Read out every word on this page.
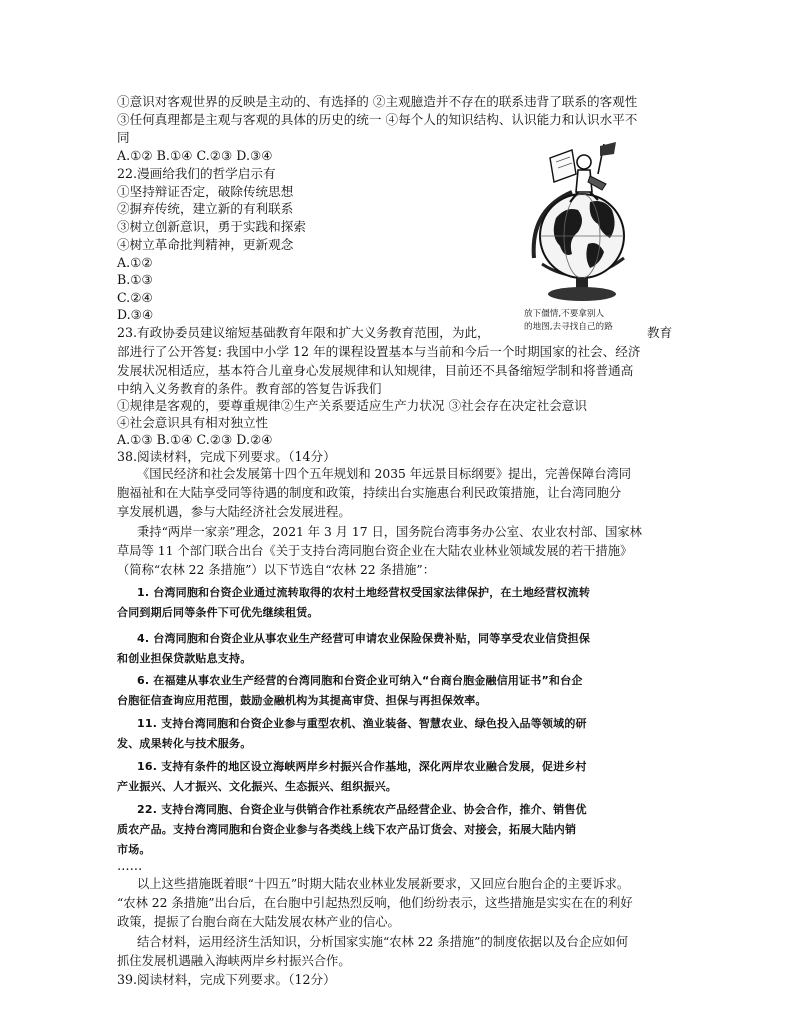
①意识对客观世界的反映是主动的、有选择的 ②主观臆造并不存在的联系违背了联系的客观性
③任何真理都是主观与客观的具体的历史的统一 ④每个人的知识结构、认识能力和认识水平不
同
A.①② B.①④ C.②③ D.③④
22.漫画给我们的哲学启示有
①坚持辩证否定，破除传统思想
②摒弃传统，建立新的有利联系
③树立创新意识，勇于实践和探索
④树立革命批判精神，更新观念
A.①②
B.①③
C.②④
D.③④	放下僵情,不要拿别人
的地图,去寻找自己的路
23.有政协委员建议缩短基础教育年限和扩大义务教育范围，为此，	教育
部进行了公开答复: 我国中小学 12 年的课程设置基本与当前和今后一个时期国家的社会、经济
发展状况相适应，基本符合儿童身心发展规律和认知规律，目前还不具备缩短学制和将普通高
中纳入义务教育的条件。教育部的答复告诉我们
①规律是客观的，要尊重规律②生产关系要适应生产力状况 ③社会存在决定社会意识
④社会意识具有相对独立性
A.①③ B.①④ C.②③ D.②④
38.阅读材料，完成下列要求。（14分）
《国民经济和社会发展第十四个五年规划和 2035 年远景目标纲要》提出，完善保障台湾同
胞福祉和在大陆享受同等待遇的制度和政策，持续出台实施惠台利民政策措施，让台湾同胞分
享发展机遇，参与大陆经济社会发展进程。
秉持“两岸一家亲”理念，2021 年 3 月 17 日，国务院台湾事务办公室、农业农村部、国家林
草局等 11 个部门联合出台《关于支持台湾同胞台资企业在大陆农业林业领域发展的若干措施》
（简称“农林 22 条措施”）以下节选自“农林 22 条措施”：
1. 台湾同胞和台资企业通过流转取得的农村土地经营权受国家法律保护，在土地经营权流转
合同到期后同等条件下可优先继续租赁。
4. 台湾同胞和台资企业从事农业生产经营可申请农业保险保费补贴，同等享受农业信贷担保
和创业担保贷款贴息支持。
6. 在福建从事农业生产经营的台湾同胞和台资企业可纳入“台商台胞金融信用证书”和台企
台胞征信查询应用范围，鼓励金融机构为其提高审贷、担保与再担保效率。
11. 支持台湾同胞和台资企业参与重型农机、渔业装备、智慧农业、绿色投入品等领域的研
发、成果转化与技术服务。
16. 支持有条件的地区设立海峡两岸乡村振兴合作基地，深化两岸农业融合发展，促进乡村
产业振兴、人才振兴、文化振兴、生态振兴、组织振兴。
22. 支持台湾同胞、台资企业与供销合作社系统农产品经营企业、协会合作，推介、销售优
质农产品。支持台湾同胞和台资企业参与各类线上线下农产品订货会、对接会，拓展大陆内销
市场。
……
以上这些措施既着眼“十四五”时期大陆农业林业发展新要求，又回应台胞台企的主要诉求。
“农林 22 条措施”出台后，在台胞中引起热烈反响，他们纷纷表示，这些措施是实实在在的利好
政策，提振了台胞台商在大陆发展农林产业的信心。
结合材料，运用经济生活知识，分析国家实施“农林 22 条措施”的制度依据以及台企应如何
抓住发展机遇融入海峡两岸乡村振兴合作。
39.阅读材料，完成下列要求。（12分）
